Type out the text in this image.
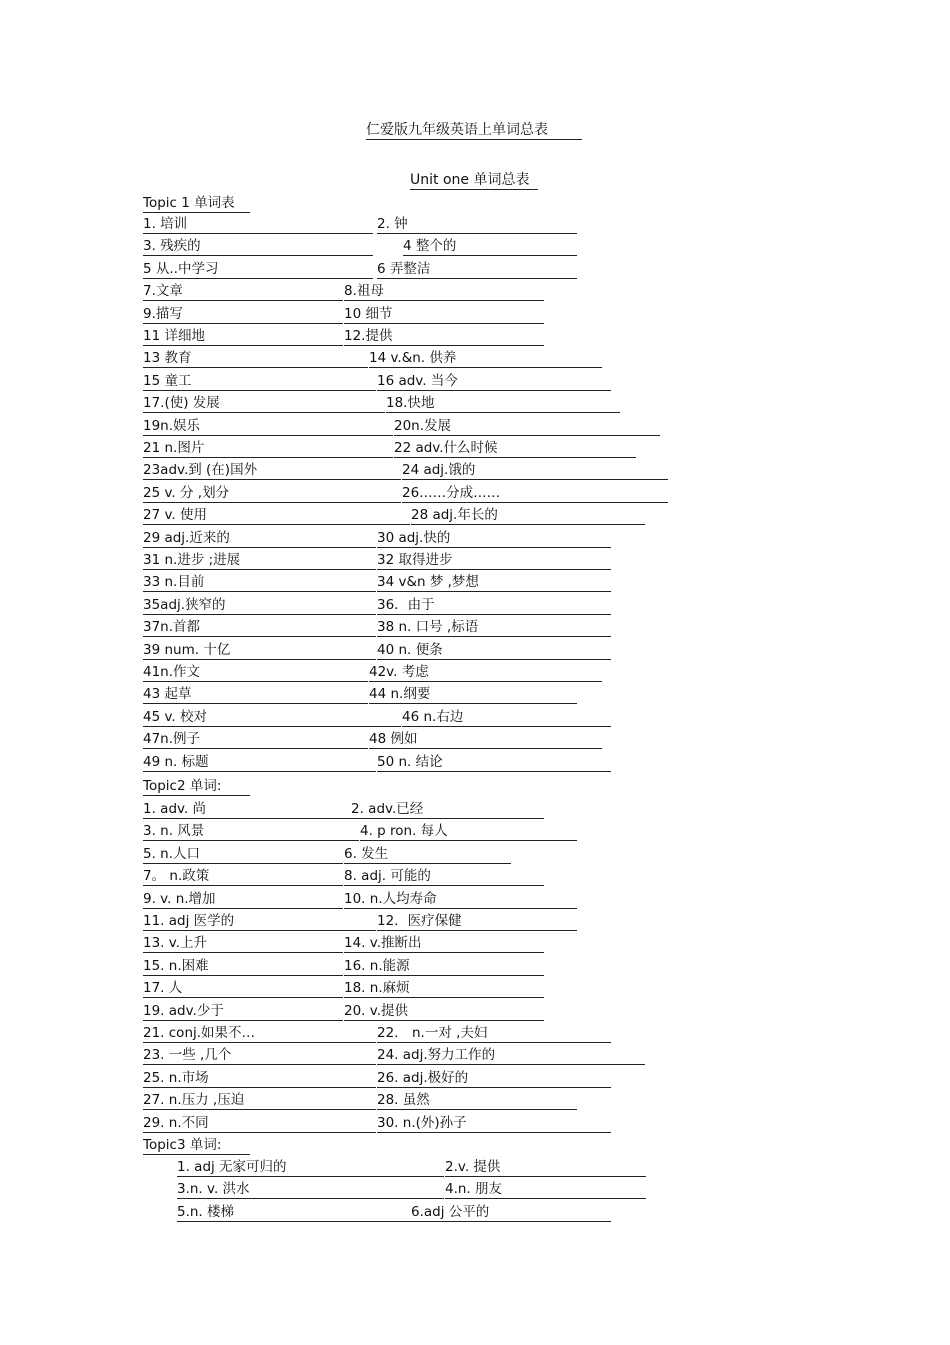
仁爱版九年级英语上单词总表
Unit one 单词总表
Topic 1 单词表
1. 培训	2. 钟
3. 残疾的	4 整个的
5 从..中学习	6 弄整洁
7.文章	8.祖母
9.描写	10 细节
11 详细地	12.提供
13 教育	14 v.&n. 供养
15 童工	16 adv. 当今
17.(使) 发展	18.快地
19n.娱乐	20n.发展
21 n.图片	22 adv.什么时候
23adv.到 (在)国外	24 adj.饿的
25 v. 分 ,划分	26……分成……
27 v. 使用	28 adj.年长的
29 adj.近来的	30 adj.快的
31 n.进步 ;进展	32 取得进步
33 n.目前	34 v&n 梦 ,梦想
35adj.狭窄的	36．由于
37n.首都	38 n. 口号 ,标语
39 num. 十亿	40 n. 便条
41n.作文	42v. 考虑
43 起草	44 n.纲要
45 v. 校对	46 n.右边
47n.例子	48 例如
49 n. 标题	50 n. 结论
Topic2 单词:
1. adv. 尚	2. adv.已经
3. n. 风景	4. p ron. 每人
5. n.人口	6. 发生
7。 n.政策	8. adj. 可能的
9. v. n.增加	10. n.人均寿命
11. adj 医学的	12．医疗保健
13. v.上升	14. v.推断出
15. n.困难	16. n.能源
17. 人	18. n.麻烦
19. adv.少于	20. v.提供
21. conj.如果不…	22． n.一对 ,夫妇
23. 一些 ,几个	24. adj.努力工作的
25. n.市场	26. adj.极好的
27. n.压力 ,压迫	28. 虽然
29. n.不同	30. n.(外)孙子
Topic3 单词:
1. adj 无家可归的	2.v. 提供
3.n. v. 洪水	4.n. 朋友
5.n. 楼梯	6.adj 公平的
